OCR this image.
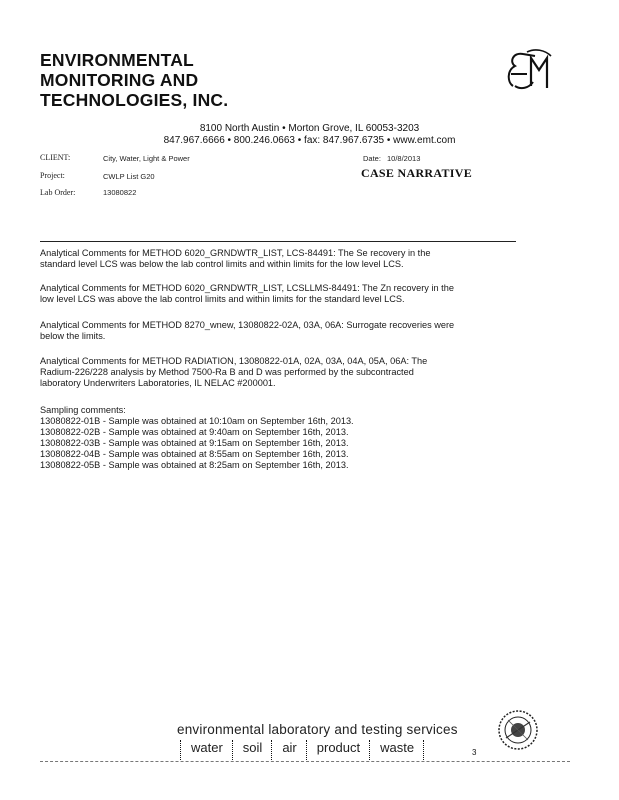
ENVIRONMENTAL
MONITORING AND
TECHNOLOGIES, INC.
8100 North Austin • Morton Grove, IL 60053-3203
847.967.6666 • 800.246.0663 • fax: 847.967.6735 • www.emt.com
CLIENT:	City, Water, Light & Power
Project:	CWLP List G20
Lab Order:	13080822
Date: 10/8/2013
CASE NARRATIVE
Analytical Comments for METHOD 6020_GRNDWTR_LIST, LCS-84491: The Se recovery in the
standard level LCS was below the lab control limits and within limits for the low level LCS.
Analytical Comments for METHOD 6020_GRNDWTR_LIST, LCSLLMS-84491: The Zn recovery in the
low level LCS was above the lab control limits and within limits for the standard level LCS.
Analytical Comments for METHOD 8270_wnew, 13080822-02A, 03A, 06A: Surrogate recoveries were
below the limits.
Analytical Comments for METHOD RADIATION, 13080822-01A, 02A, 03A, 04A, 05A, 06A: The
Radium-226/228 analysis by Method 7500-Ra B and D was performed by the subcontracted
laboratory Underwriters Laboratories, IL NELAC #200001.
Sampling comments:
13080822-01B - Sample was obtained at 10:10am on September 16th, 2013.
13080822-02B - Sample was obtained at 9:40am on September 16th, 2013.
13080822-03B - Sample was obtained at 9:15am on September 16th, 2013.
13080822-04B - Sample was obtained at 8:55am on September 16th, 2013.
13080822-05B - Sample was obtained at 8:25am on September 16th, 2013.
environmental laboratory and testing services
water	soil	air	product	waste	3
